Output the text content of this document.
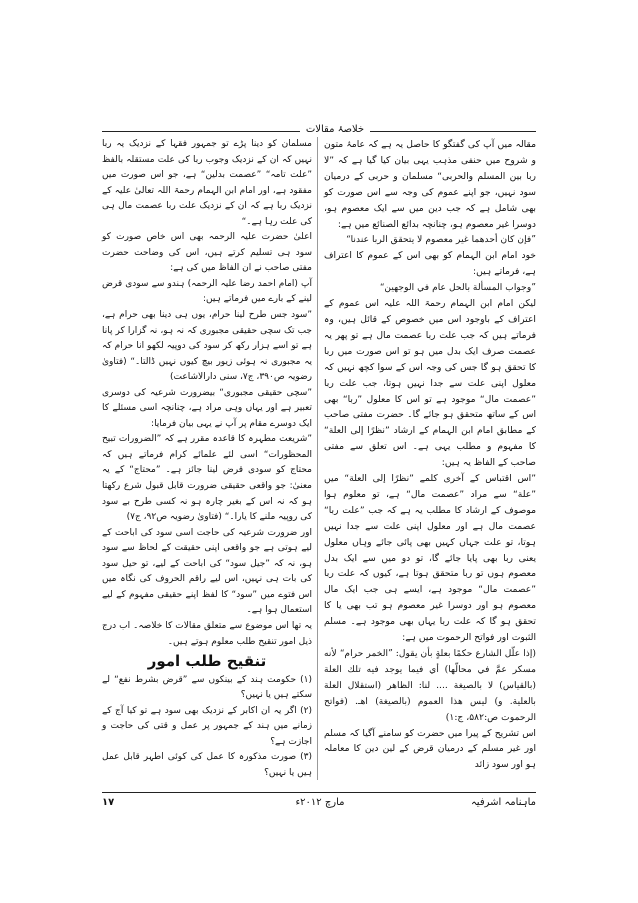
خلاصۂ مقالات

مقالہ میں آپ کی گفتگو کا حاصل یہ ہے کہ عامۂ متون و شروح میں حنفی مذہب یہی بیان کیا گیا ہے کہ ”لا ربا بين المسلم والحربی“ مسلمان و حربی کے درمیان سود نہیں، جو اپنے عموم کی وجہ سے اس صورت کو بھی شامل ہے کہ جب دین میں سے ایک معصوم ہو، دوسرا غیر معصوم ہو، چنانچہ بدائع الصنائع میں ہے:

”فإن كان أحدهما غير معصوم لا يتحقق الربا عندنا“

خود امام ابن الہمام کو بھی اس کے عموم کا اعتراف ہے، فرماتے ہیں:

”وجواب المسألة بالحل عام في الوجهين“

لیکن امام ابن الہمام رحمۃ اللہ علیہ اس عموم کے اعتراف کے باوجود اس میں خصوص کے قائل ہیں، وہ فرماتے ہیں کہ جب علت ربا عصمت مال ہے تو پھر یہ عصمت صرف ایک بدل میں ہو تو اس صورت میں ربا کا تحقق ہو گا جس کی وجہ اس کے سوا کچھ نہیں کہ معلول اپنی علت سے جدا نہیں ہوتا، جب علت ربا ”عصمت مال“ موجود ہے تو اس کا معلول ”ربا“ بھی اس کے ساتھ متحقق ہو جائے گا۔ حضرت مفتی صاحب کے مطابق امام ابن الہمام کے ارشاد ”نظرًا إلى العلة“ کا مفہوم و مطلب یہی ہے۔ اس تعلق سے مفتی صاحب کے الفاظ یہ ہیں:

”اس اقتباس کے آخری کلمے ”نظرًا إلى العلة“ میں ”علة“ سے مراد ”عصمت مال“ ہے، تو معلوم ہوا موصوف کے ارشاد کا مطلب یہ ہے کہ جب ”علت ربا“ عصمت مال ہے اور معلول اپنی علت سے جدا نہیں ہوتا، تو علت جہاں کہیں بھی پائی جائے وہاں معلول یعنی ربا بھی پایا جائے گا، تو دو میں سے ایک بدل معصوم ہوں تو ربا متحقق ہوتا ہے، کیوں کہ علت ربا ”عصمت مال“ موجود ہے، ایسے ہی جب ایک مال معصوم ہو اور دوسرا غیر معصوم ہو تب بھی یا کا تحقق ہو گا کہ علت ربا یہاں بھی موجود ہے۔ مسلم الثبوت اور فواتح الرحموت میں ہے:

(إذا علّل الشارع حكمًا بعلةٍ بأن يقول: ”الخمر حرام“ لأنه مسكر عمَّ في محالّها) أي فيما يوجد فيه تلك العلة (بالقياس) لا بالصيغة .... لنا: الظاهر (استقلال العلة بالعلية. و) ليس هذا العموم (بالصيغة) اهـ. (فواتح الرحموت ص:۵۸۲، ج:۱)

اس تشریح کے پیرا میں حضرت کو سامنے آگیا کہ مسلم اور غیر مسلم کے درمیان قرض کے لین دین کا معاملہ ہو اور سود زائد

مسلمان کو دینا پڑے تو جمہور فقہا کے نزدیک یہ ربا نہیں کہ ان کے نزدیک وجوب ربا کی علت مستقلہ بالفظ ”علت تامہ“ ”عصمت بدلین“ ہے، جو اس صورت میں مفقود ہے، اور امام ابن الہمام رحمۃ اللہ تعالیٰ علیہ کے نزدیک ربا ہے کہ ان کے نزدیک علت ربا عصمت مال ہی کی علت رہا ہے۔“

اعلیٰ حضرت علیہ الرحمہ بھی اس خاص صورت کو سود ہی تسلیم کرتے ہیں، اس کی وضاحت حضرت مفتی صاحب نے ان الفاظ میں کی ہے:

آپ (امام احمد رضا علیہ الرحمہ) ہندو سے سودی قرض لینے کے بارے میں فرماتے ہیں:

”سود جس طرح لینا حرام، یوں ہی دینا بھی حرام ہے، جب تک سچی حقیقی مجبوری کہ نہ ہو، نہ گزارا کر پانا ہے تو اسے ہزار رکھ کر سود کی دوپیہ لکھو انا حرام کہ یہ مجبوری نہ ہوئی زیور بیچ کیوں نہیں ڈالتا۔“ (فتاویٰ رضویہ ص۳۹۰، ج۷، سنی دارالاشاعت)

”سچی حقیقی مجبوری“ بیضرورت شرعیہ کی دوسری تعبیر ہے اور یہاں وہی مراد ہے، چنانچہ اسی مسئلے کا ایک دوسرے مقام پر آپ نے یہی بیان فرمایا:

”شریعت مطہرہ کا قاعدہ مقرر ہے کہ ”الضرورات تبيح المحظورات“ اسی لئے علمائے کرام فرماتے ہیں کہ محتاج کو سودی قرض لینا جائز ہے۔ ”محتاج“ کے یہ معنیٰ: جو واقعی حقیقی ضرورت قابل قبول شرع رکھتا ہو کہ نہ اس کے بغیر چارہ ہو نہ کسی طرح بے سود کی روپیہ ملنے کا یارا۔“ (فتاویٰ رضویہ ص۹۲، ج۷)

اور ضرورت شرعیہ کی حاجت اسی سود کی اباحت کے لیے ہوتی ہے جو واقعی اپنی حقیقت کے لحاظ سے سود ہو، نہ کہ ”جیل سود“ کی اباحت کے لیے، تو حیل سود کی بات ہی نہیں، اس لیے راقم الحروف کی نگاہ میں اس فتوے میں ”سود“ کا لفظ اپنے حقیقی مفہوم کے لیے استعمال ہوا ہے۔

یہ تھا اس موضوع سے متعلق مقالات کا خلاصہ۔ اب درج ذیل امور تنقیح طلب معلوم ہوتے ہیں۔

تنقیح طلب امور

(۱) حکومت ہند کے بینکوں سے ”قرض بشرط نفع“ لے سکتے ہیں یا نہیں؟

(۲) اگر یہ ان اکابر کے نزدیک بھی سود ہے تو کیا آج کے زمانے میں ہند کے جمہور پر عمل و قتی کی حاجت و اجازت ہے؟

(۳) صورت مذکورہ کا عمل کی کوئی اطہر قابل عمل ہیں یا نہیں؟

ماہنامہ اشرفیہ
مارچ ۲۰۱۲ء
۱۷
